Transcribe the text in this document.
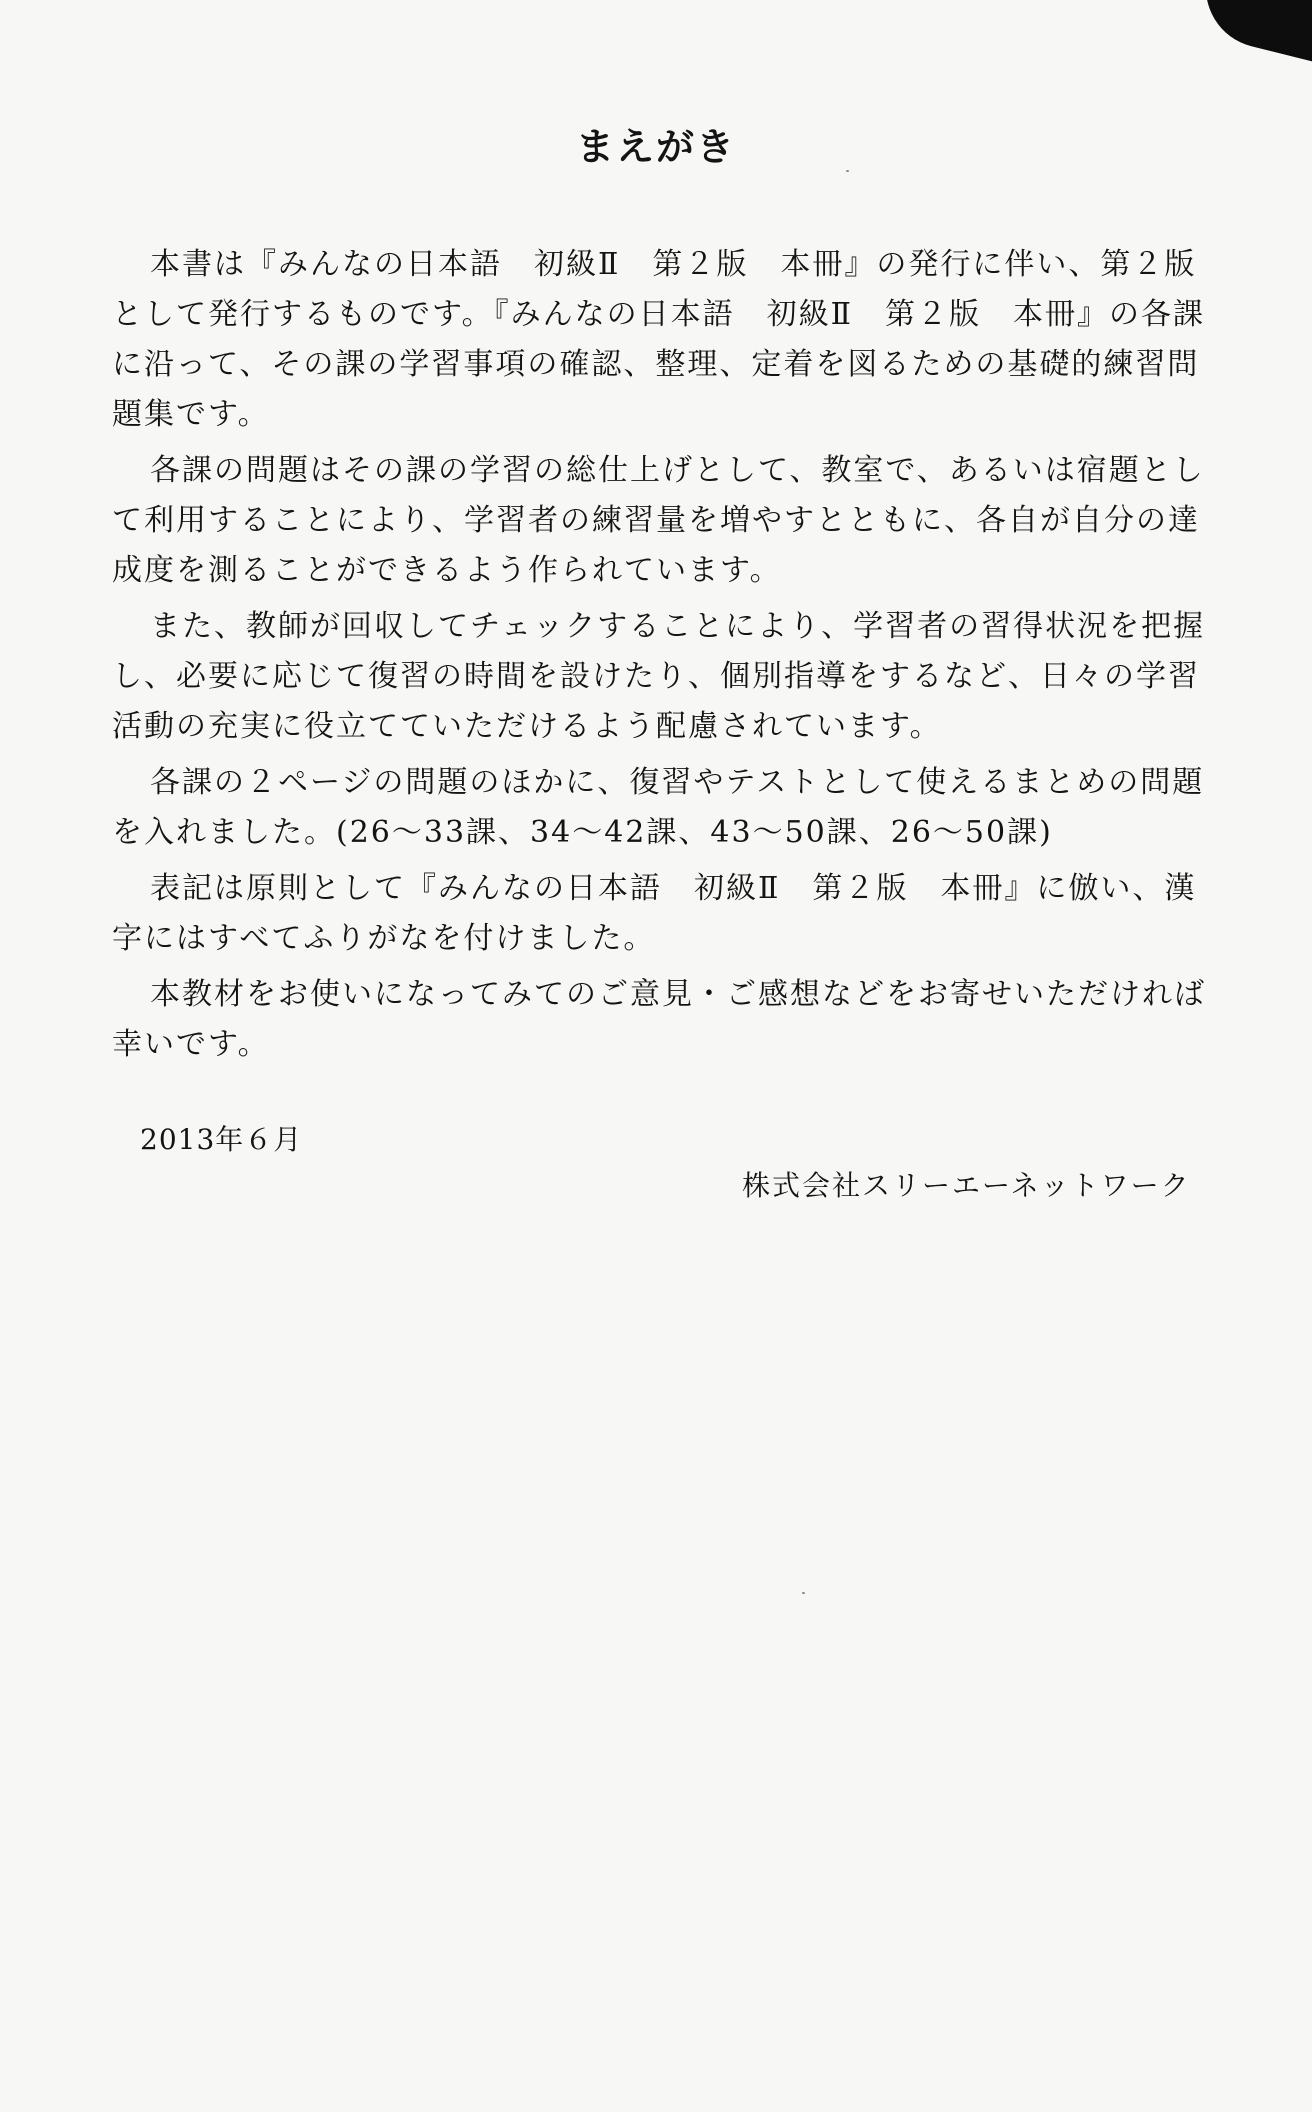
まえがき

本書は『みんなの日本語　初級Ⅱ　第２版　本冊』の発行に伴い、第２版として発行するものです。『みんなの日本語　初級Ⅱ　第２版　本冊』の各課に沿って、その課の学習事項の確認、整理、定着を図るための基礎的練習問題集です。

各課の問題はその課の学習の総仕上げとして、教室で、あるいは宿題として利用することにより、学習者の練習量を増やすとともに、各自が自分の達成度を測ることができるよう作られています。

また、教師が回収してチェックすることにより、学習者の習得状況を把握し、必要に応じて復習の時間を設けたり、個別指導をするなど、日々の学習活動の充実に役立てていただけるよう配慮されています。

各課の２ページの問題のほかに、復習やテストとして使えるまとめの問題を入れました。(26～33課、34～42課、43～50課、26～50課)

表記は原則として『みんなの日本語　初級Ⅱ　第２版　本冊』に倣い、漢字にはすべてふりがなを付けました。

本教材をお使いになってみてのご意見・ご感想などをお寄せいただければ幸いです。

2013年６月
株式会社スリーエーネットワーク
